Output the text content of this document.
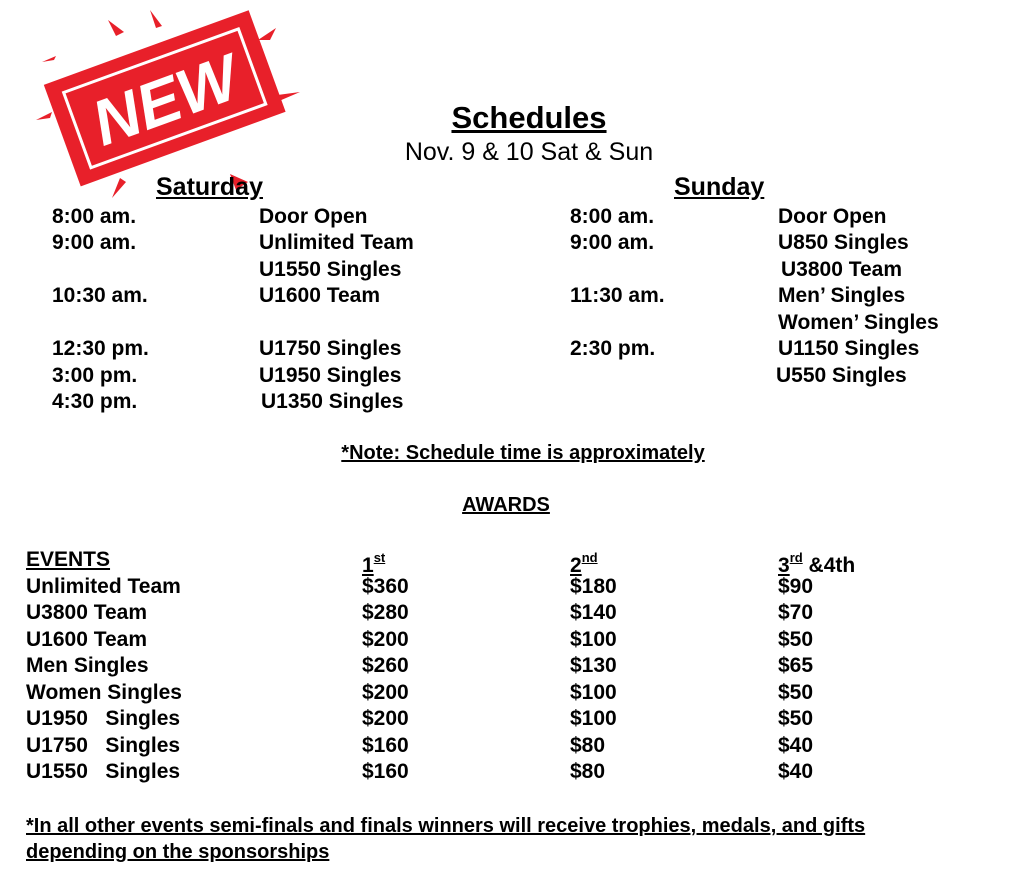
NEW	Schedules
Nov. 9 & 10 Sat & Sun
Saturday
8:00 am.	Door Open
9:00 am.	Unlimited Team
U1550 Singles
10:30 am.	U1600 Team
12:30 pm.	U1750 Singles
3:00 pm.	U1950 Singles
4:30 pm.	U1350 Singles
Sunday
8:00 am.	Door Open
9:00 am.	U850 Singles
U3800 Team
11:30 am.	Men’ Singles
Women’ Singles
2:30 pm.	U1150 Singles
U550 Singles
*Note: Schedule time is approximately
AWARDS
EVENTS	1st	2nd	3rd &4th
Unlimited Team	$360	$180	$90
U3800 Team	$280	$140	$70
U1600 Team	$200	$100	$50
Men Singles	$260	$130	$65
Women Singles	$200	$100	$50
U1950   Singles	$200	$100	$50
U1750   Singles	$160	$80	$40
U1550   Singles	$160	$80	$40
*In all other events semi-finals and finals winners will receive trophies, medals, and gifts
depending on the sponsorships
